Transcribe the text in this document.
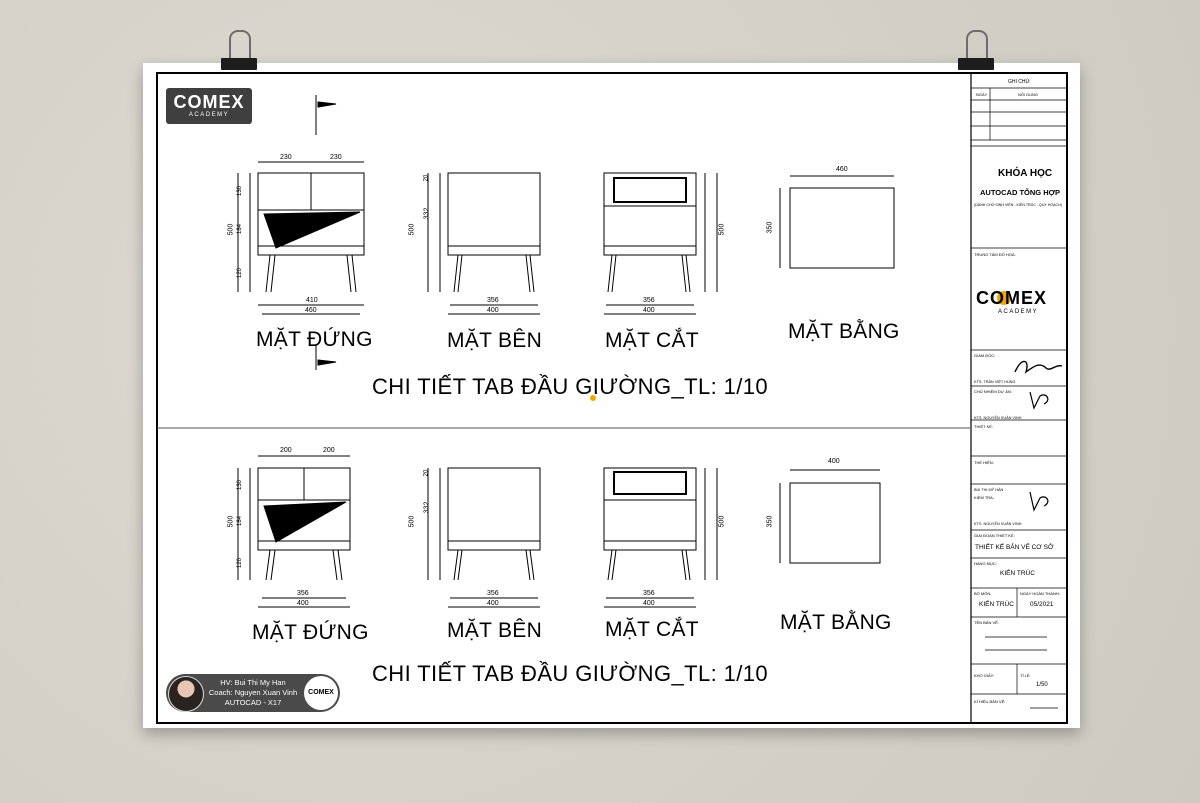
COMEX
ACADEMY
MẶT ĐỨNG	MẶT BÊN	MẶT CẮT	MẶT BẰNG
CHI TIẾT TAB ĐẦU GIƯỜNG_TL: 1/10
230	230
410
460
500
356
400
500
332
356
400
500
460
350
130
184
120
20
MẶT ĐỨNG	MẶT BÊN	MẶT CẮT	MẶT BẰNG
CHI TIẾT TAB ĐẦU GIƯỜNG_TL: 1/10
200	200
356
400
500
356
400
500
332
356
400
500
400
350
130
184
120
20
GHI CHÚ:
NGÀY	NỘI DUNG
KHÓA HỌC
AUTOCAD TỔNG HỢP
(DÀNH CHO SINH VIÊN - KIẾN TRÚC - QUY HOẠCH)
TRUNG TÂM ĐỒ HỌA:
COMEX
ACADEMY
GIÁM ĐỐC:
KTS. TRẦN VIỆT HÙNG
CHỦ NHIỆM DỰ ÁN:
KTS. NGUYỄN XUÂN VINH
THIẾT KẾ:
THỂ HIỆN:
BÙI THỊ MỸ HÂN
KIỂM TRA:
KTS. NGUYỄN XUÂN VINH
GIAI ĐOẠN THIẾT KẾ:
THIẾT KẾ BẢN VẼ CƠ SỞ
HẠNG MỤC:
KIẾN TRÚC
BỘ MÔN:
KIẾN TRÚC
NGÀY HOÀN THÀNH:
05/2021
TÊN BẢN VẼ:
KHỔ GIẤY:	TỈ LỆ:
1/50
KÍ HIỆU BẢN VẼ:
HV: Bui Thi My Han
Coach: Nguyen Xuan Vinh
AUTOCAD - X17
COMEX
